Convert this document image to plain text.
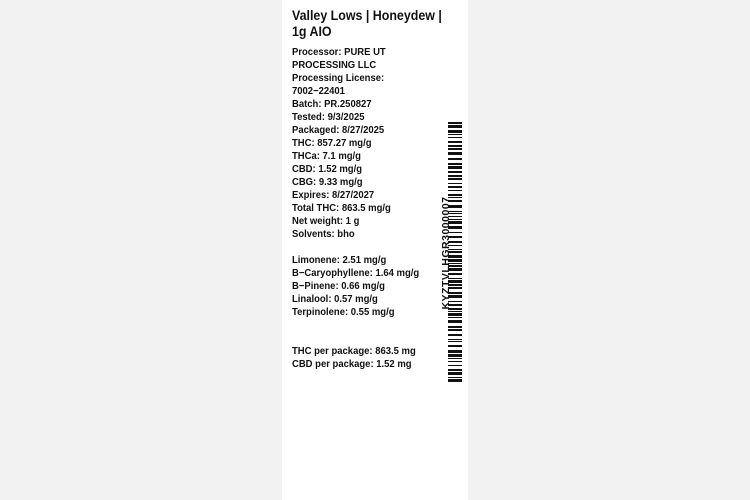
Valley Lows | Honeydew | 1g AIO
Processor: PURE UT
PROCESSING LLC
Processing License:
7002−22401
Batch: PR.250827
Tested: 9/3/2025
Packaged: 8/27/2025
THC: 857.27 mg/g
THCa: 7.1 mg/g
CBD: 1.52 mg/g
CBG: 9.33 mg/g
Expires: 8/27/2027
Total THC: 863.5 mg/g
Net weight: 1 g
Solvents: bho
Limonene: 2.51 mg/g
B−Caryophyllene: 1.64 mg/g
B−Pinene: 0.66 mg/g
Linalool: 0.57 mg/g
Terpinolene: 0.55 mg/g
THC per package: 863.5 mg
CBD per package: 1.52 mg
KYZTVLHGR3000007
